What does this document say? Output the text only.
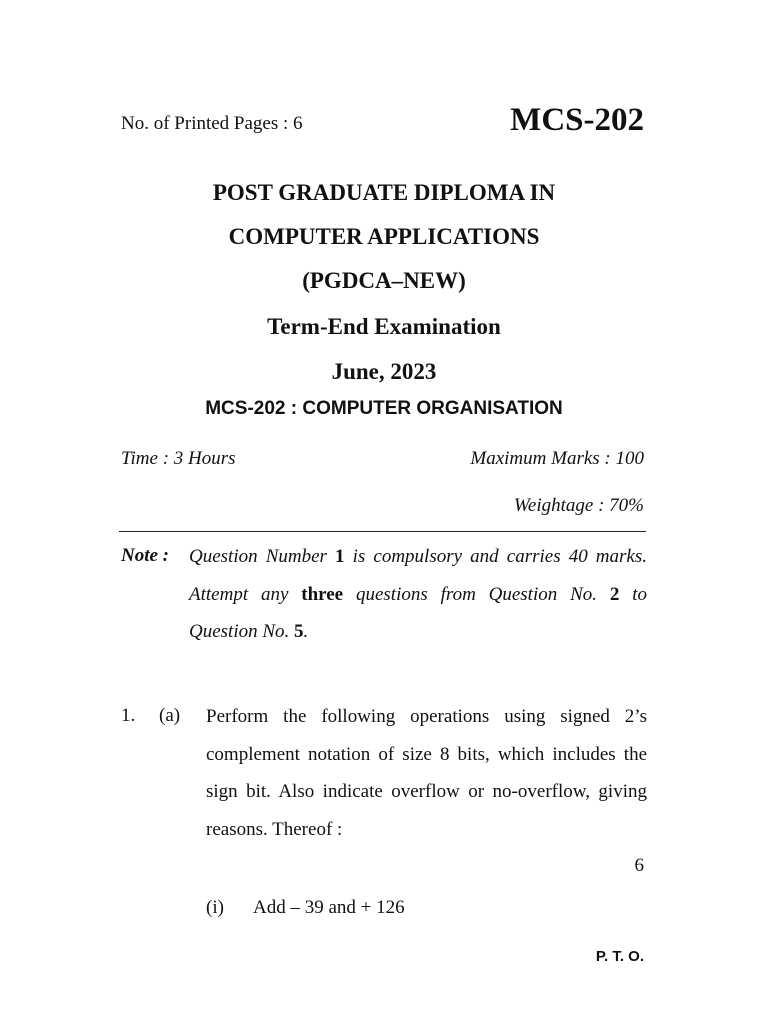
No. of Printed Pages : 6	MCS-202
POST GRADUATE DIPLOMA IN
COMPUTER APPLICATIONS
(PGDCA–NEW)
Term-End Examination
June, 2023
MCS-202 : COMPUTER ORGANISATION
Time : 3 Hours	Maximum Marks : 100
Weightage : 70%
Note : Question Number 1 is compulsory and carries 40 marks. Attempt any three questions from Question No. 2 to Question No. 5.
1. (a) Perform the following operations using signed 2’s complement notation of size 8 bits, which includes the sign bit. Also indicate overflow or no-overflow, giving reasons. Thereof :
6
(i) Add – 39 and + 126
P. T. O.
